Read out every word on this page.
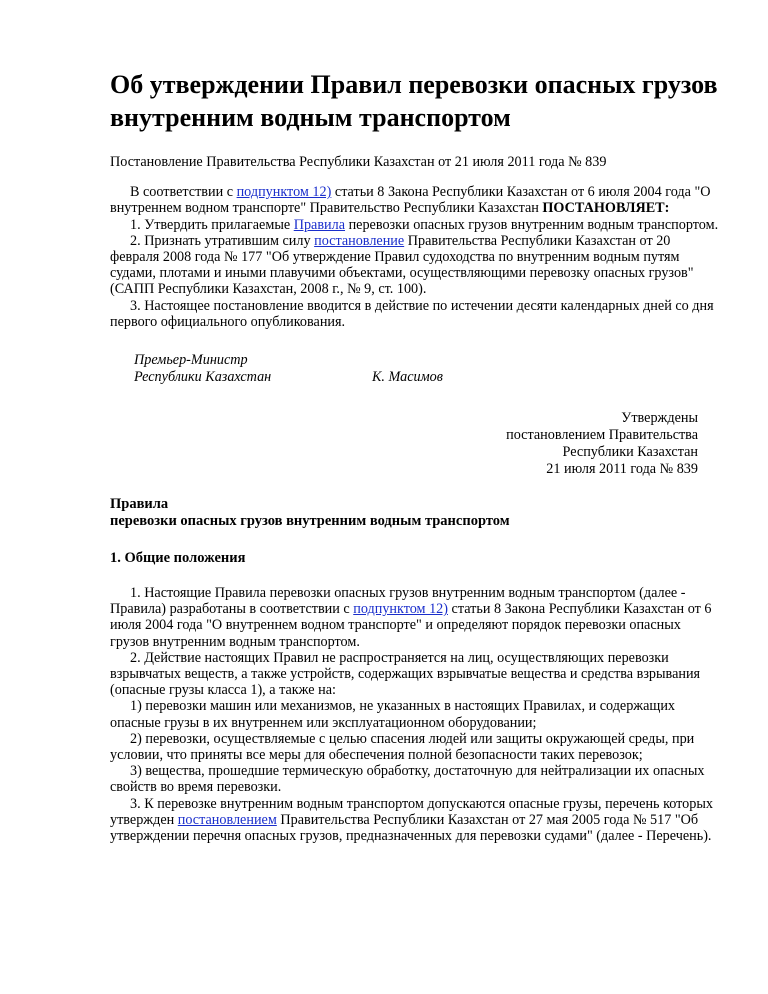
Об утверждении Правил перевозки опасных грузов внутренним водным транспортом

Постановление Правительства Республики Казахстан от 21 июля 2011 года № 839

В соответствии с подпунктом 12) статьи 8 Закона Республики Казахстан от 6 июля 2004 года "О внутреннем водном транспорте" Правительство Республики Казахстан ПОСТАНОВЛЯЕТ:

1. Утвердить прилагаемые Правила перевозки опасных грузов внутренним водным транспортом.

2. Признать утратившим силу постановление Правительства Республики Казахстан от 20 февраля 2008 года № 177 "Об утверждение Правил судоходства по внутренним водным путям судами, плотами и иными плавучими объектами, осуществляющими перевозку опасных грузов" (САПП Республики Казахстан, 2008 г., № 9, ст. 100).

3. Настоящее постановление вводится в действие по истечении десяти календарных дней со дня первого официального опубликования.

Премьер-Министр
Республики Казахстан	К. Масимов
Утверждены
постановлением Правительства
Республики Казахстан
21 июля 2011 года № 839
Правила
перевозки опасных грузов внутренним водным транспортом
1. Общие положения

1. Настоящие Правила перевозки опасных грузов внутренним водным транспортом (далее - Правила) разработаны в соответствии с подпунктом 12) статьи 8 Закона Республики Казахстан от 6 июля 2004 года "О внутреннем водном транспорте" и определяют порядок перевозки опасных грузов внутренним водным транспортом.

2. Действие настоящих Правил не распространяется на лиц, осуществляющих перевозки взрывчатых веществ, а также устройств, содержащих взрывчатые вещества и средства взрывания (опасные грузы класса 1), а также на:

1) перевозки машин или механизмов, не указанных в настоящих Правилах, и содержащих опасные грузы в их внутреннем или эксплуатационном оборудовании;

2) перевозки, осуществляемые с целью спасения людей или защиты окружающей среды, при условии, что приняты все меры для обеспечения полной безопасности таких перевозок;

3) вещества, прошедшие термическую обработку, достаточную для нейтрализации их опасных свойств во время перевозки.

3. К перевозке внутренним водным транспортом допускаются опасные грузы, перечень которых утвержден постановлением Правительства Республики Казахстан от 27 мая 2005 года № 517 "Об утверждении перечня опасных грузов, предназначенных для перевозки судами" (далее - Перечень).
